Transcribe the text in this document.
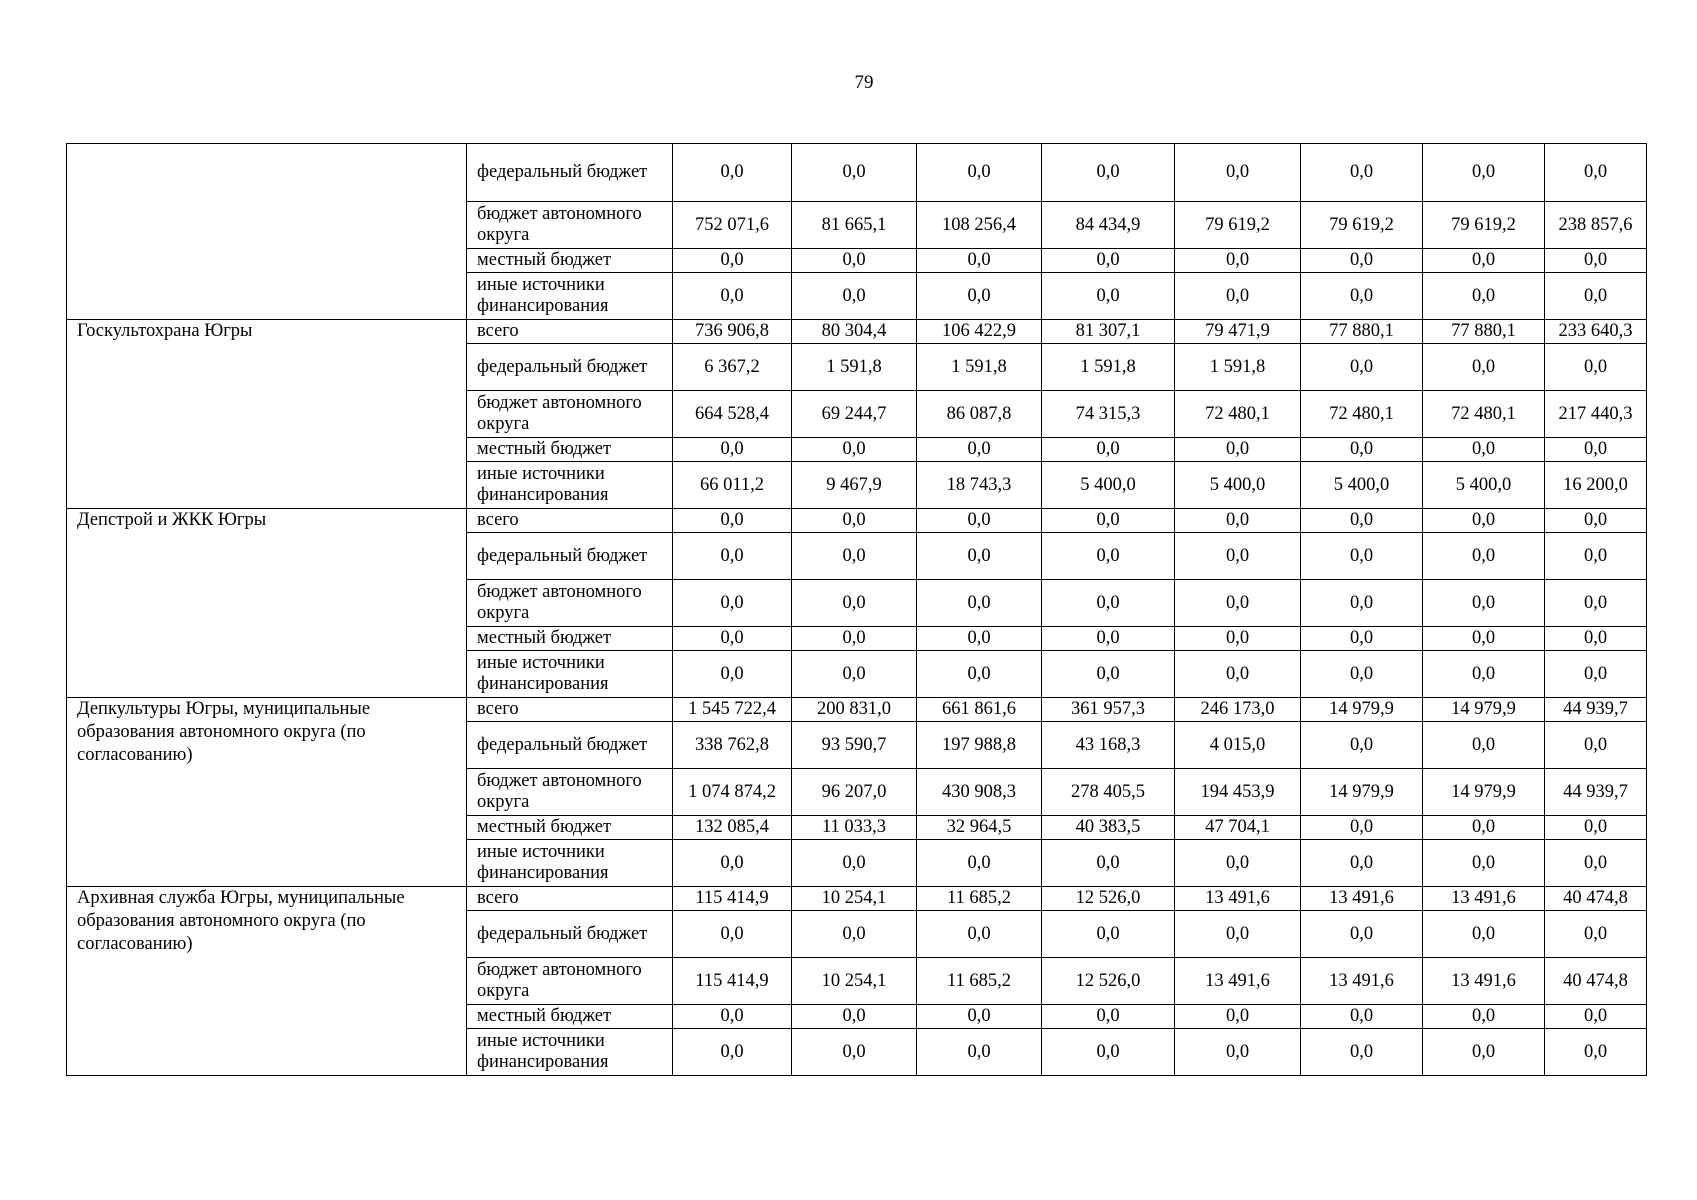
79
	федеральный бюджет	0,0	0,0	0,0	0,0	0,0	0,0	0,0	0,0
	бюджет автономного округа	752 071,6	81 665,1	108 256,4	84 434,9	79 619,2	79 619,2	79 619,2	238 857,6
	местный бюджет	0,0	0,0	0,0	0,0	0,0	0,0	0,0	0,0
	иные источники финансирования	0,0	0,0	0,0	0,0	0,0	0,0	0,0	0,0
Госкультохрана Югры	всего	736 906,8	80 304,4	106 422,9	81 307,1	79 471,9	77 880,1	77 880,1	233 640,3
	федеральный бюджет	6 367,2	1 591,8	1 591,8	1 591,8	1 591,8	0,0	0,0	0,0
	бюджет автономного округа	664 528,4	69 244,7	86 087,8	74 315,3	72 480,1	72 480,1	72 480,1	217 440,3
	местный бюджет	0,0	0,0	0,0	0,0	0,0	0,0	0,0	0,0
	иные источники финансирования	66 011,2	9 467,9	18 743,3	5 400,0	5 400,0	5 400,0	5 400,0	16 200,0
Депстрой и ЖКК Югры	всего	0,0	0,0	0,0	0,0	0,0	0,0	0,0	0,0
	федеральный бюджет	0,0	0,0	0,0	0,0	0,0	0,0	0,0	0,0
	бюджет автономного округа	0,0	0,0	0,0	0,0	0,0	0,0	0,0	0,0
	местный бюджет	0,0	0,0	0,0	0,0	0,0	0,0	0,0	0,0
	иные источники финансирования	0,0	0,0	0,0	0,0	0,0	0,0	0,0	0,0
Депкультуры Югры, муниципальные образования автономного округа (по согласованию)	всего	1 545 722,4	200 831,0	661 861,6	361 957,3	246 173,0	14 979,9	14 979,9	44 939,7
	федеральный бюджет	338 762,8	93 590,7	197 988,8	43 168,3	4 015,0	0,0	0,0	0,0
	бюджет автономного округа	1 074 874,2	96 207,0	430 908,3	278 405,5	194 453,9	14 979,9	14 979,9	44 939,7
	местный бюджет	132 085,4	11 033,3	32 964,5	40 383,5	47 704,1	0,0	0,0	0,0
	иные источники финансирования	0,0	0,0	0,0	0,0	0,0	0,0	0,0	0,0
Архивная служба Югры, муниципальные образования автономного округа (по согласованию)	всего	115 414,9	10 254,1	11 685,2	12 526,0	13 491,6	13 491,6	13 491,6	40 474,8
	федеральный бюджет	0,0	0,0	0,0	0,0	0,0	0,0	0,0	0,0
	бюджет автономного округа	115 414,9	10 254,1	11 685,2	12 526,0	13 491,6	13 491,6	13 491,6	40 474,8
	местный бюджет	0,0	0,0	0,0	0,0	0,0	0,0	0,0	0,0
	иные источники финансирования	0,0	0,0	0,0	0,0	0,0	0,0	0,0	0,0
